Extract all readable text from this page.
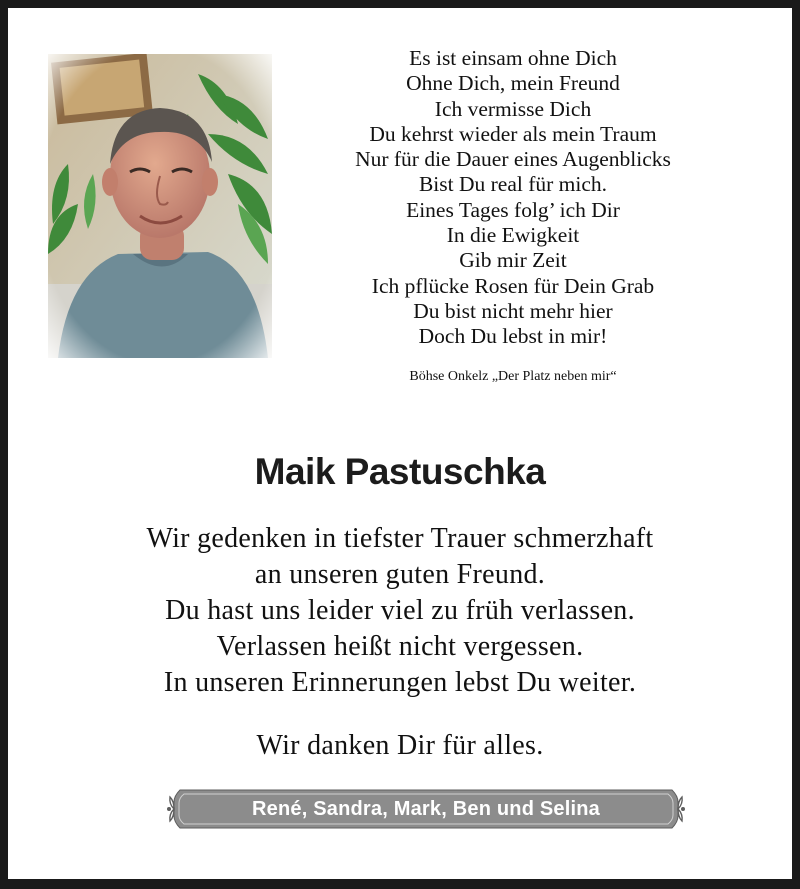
Es ist einsam ohne Dich
Ohne Dich, mein Freund
Ich vermisse Dich
Du kehrst wieder als mein Traum
Nur für die Dauer eines Augenblicks
Bist Du real für mich.
Eines Tages folg’ ich Dir
In die Ewigkeit
Gib mir Zeit
Ich pflücke Rosen für Dein Grab
Du bist nicht mehr hier
Doch Du lebst in mir!
Böhse Onkelz „Der Platz neben mir“
Maik Pastuschka
Wir gedenken in tiefster Trauer schmerzhaft
an unseren guten Freund.
Du hast uns leider viel zu früh verlassen.
Verlassen heißt nicht vergessen.
In unseren Erinnerungen lebst Du weiter.
Wir danken Dir für alles.
René, Sandra, Mark, Ben und Selina
